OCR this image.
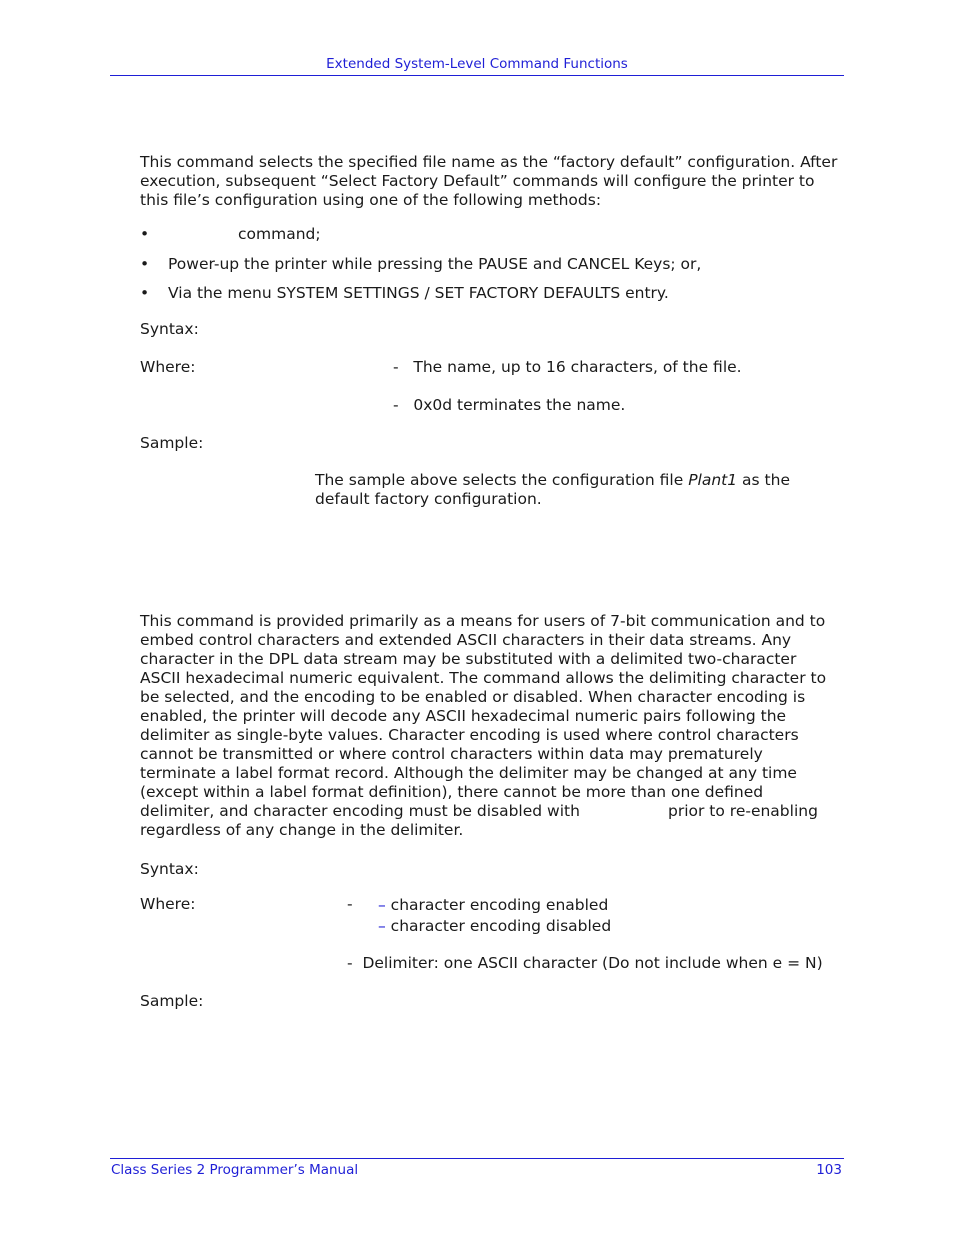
Extended System-Level Command Functions
This command selects the specified file name as the “factory default” configuration. After
execution, subsequent “Select Factory Default” commands will configure the printer to
this file’s configuration using one of the following methods:
•	command;
• Power-up the printer while pressing the PAUSE and CANCEL Keys; or,
• Via the menu SYSTEM SETTINGS / SET FACTORY DEFAULTS entry.
Syntax:
Where:	-   The name, up to 16 characters, of the file.
-   0x0d terminates the name.
Sample:
The sample above selects the configuration file Plant1 as the
default factory configuration.
This command is provided primarily as a means for users of 7-bit communication and to
embed control characters and extended ASCII characters in their data streams. Any
character in the DPL data stream may be substituted with a delimited two-character
ASCII hexadecimal numeric equivalent. The command allows the delimiting character to
be selected, and the encoding to be enabled or disabled. When character encoding is
enabled, the printer will decode any ASCII hexadecimal numeric pairs following the
delimiter as single-byte values. Character encoding is used where control characters
cannot be transmitted or where control characters within data may prematurely
terminate a label format record. Although the delimiter may be changed at any time
(except within a label format definition), there cannot be more than one defined
delimiter, and character encoding must be disabled with	prior to re-enabling
regardless of any change in the delimiter.
Syntax:
Where:	- – character encoding enabled
– character encoding disabled
-  Delimiter: one ASCII character (Do not include when e = N)
Sample:
Class Series 2 Programmer’s Manual	103
